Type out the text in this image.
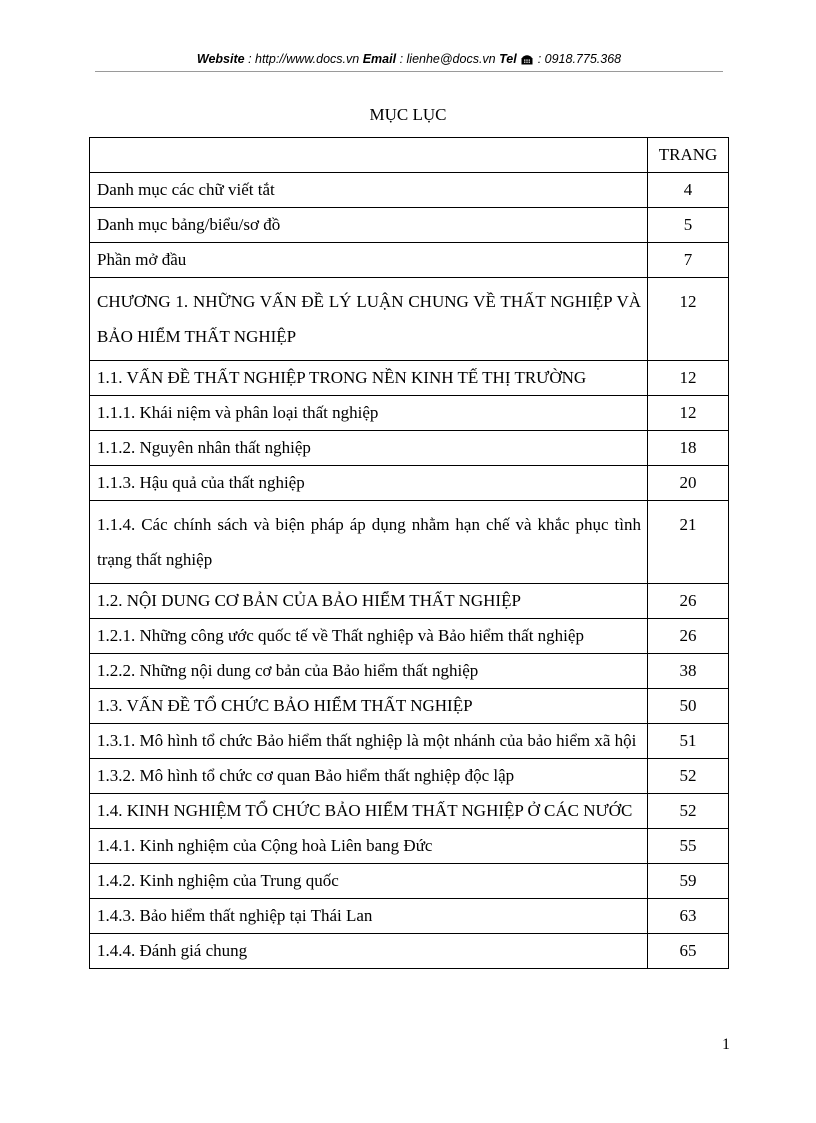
Website : http://www.docs.vn Email : lienhe@docs.vn Tel : 0918.775.368
MỤC LỤC
	TRANG
Danh mục các chữ viết tắt	4
Danh mục bảng/biểu/sơ đồ	5
Phần mở đầu	7
CHƯƠNG 1. NHỮNG VẤN ĐỀ LÝ LUẬN CHUNG VỀ THẤT NGHIỆP VÀ BẢO HIỂM THẤT NGHIỆP	12
1.1. VẤN ĐỀ THẤT NGHIỆP TRONG NỀN KINH TẾ THỊ TRƯỜNG	12
1.1.1. Khái niệm và phân loại thất nghiệp	12
1.1.2. Nguyên nhân thất nghiệp	18
1.1.3. Hậu quả của thất nghiệp	20
1.1.4. Các chính sách và biện pháp áp dụng nhằm hạn chế và khắc phục tình trạng thất nghiệp	21
1.2. NỘI DUNG CƠ BẢN CỦA BẢO HIỂM THẤT NGHIỆP	26
1.2.1. Những công ước quốc tế về Thất nghiệp và Bảo hiểm thất nghiệp	26
1.2.2. Những nội dung cơ bản của Bảo hiểm thất nghiệp	38
1.3. VẤN ĐỀ TỔ CHỨC BẢO HIỂM THẤT NGHIỆP	50
1.3.1. Mô hình tổ chức Bảo hiểm thất nghiệp là một nhánh của bảo hiểm xã hội	51
1.3.2. Mô hình tổ chức cơ quan Bảo hiểm thất nghiệp độc lập	52
1.4. KINH NGHIỆM TỔ CHỨC BẢO HIỂM THẤT NGHIỆP Ở CÁC NƯỚC	52
1.4.1. Kinh nghiệm của Cộng hoà Liên bang Đức	55
1.4.2. Kinh nghiệm của Trung quốc	59
1.4.3. Bảo hiểm thất nghiệp tại Thái Lan	63
1.4.4. Đánh giá chung	65
1
